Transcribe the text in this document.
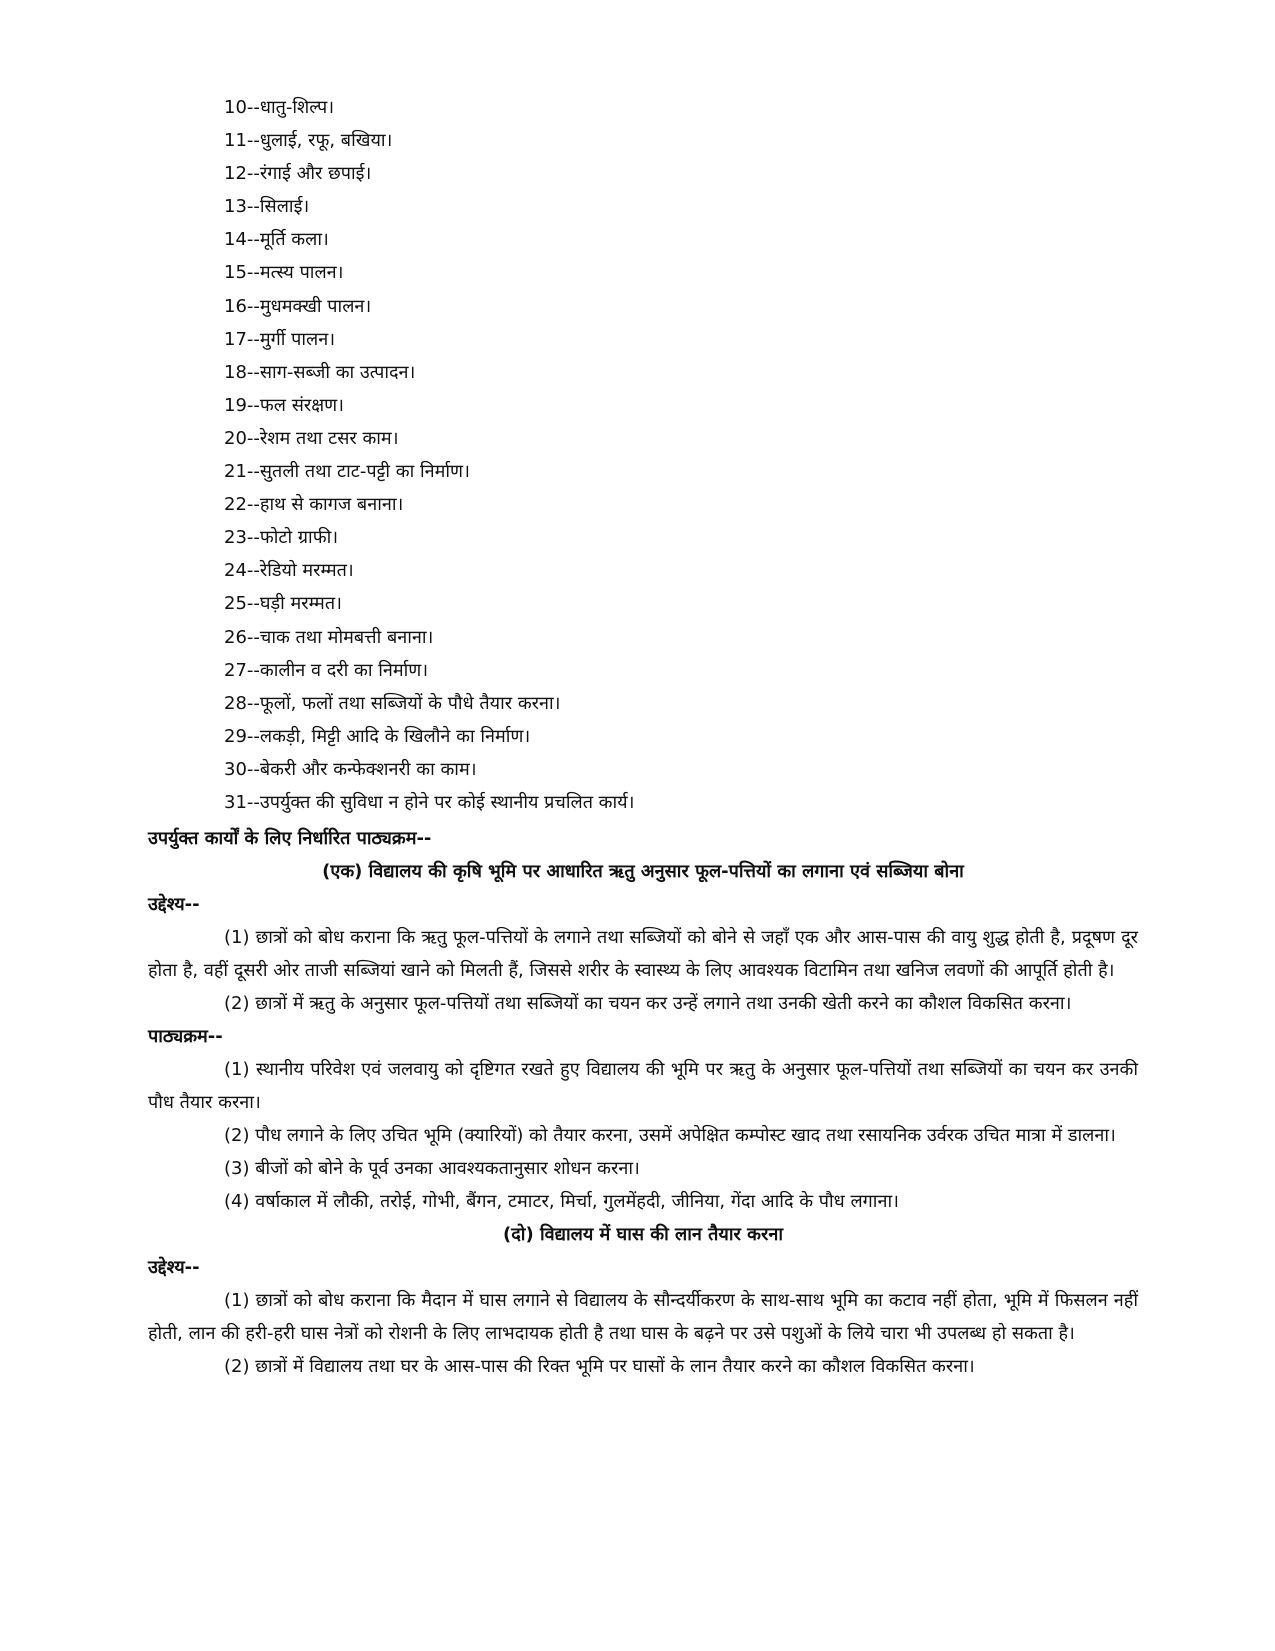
10--धातु-शिल्प।
11--धुलाई, रफू, बखिया।
12--रंगाई और छपाई।
13--सिलाई।
14--मूर्ति कला।
15--मत्स्य पालन।
16--मुधमक्खी पालन।
17--मुर्गी पालन।
18--साग-सब्जी का उत्पादन।
19--फल संरक्षण।
20--रेशम तथा टसर काम।
21--सुतली तथा टाट-पट्टी का निर्माण।
22--हाथ से कागज बनाना।
23--फोटो ग्राफी।
24--रेडियो मरम्मत।
25--घड़ी मरम्मत।
26--चाक तथा मोमबत्ती बनाना।
27--कालीन व दरी का निर्माण।
28--फूलों, फलों तथा सब्जियों के पौधे तैयार करना।
29--लकड़ी, मिट्टी आदि के खिलौने का निर्माण।
30--बेकरी और कन्फेक्शनरी का काम।
31--उपर्युक्त की सुविधा न होने पर कोई स्थानीय प्रचलित कार्य।

उपर्युक्त कार्यों के लिए निर्धारित पाठ्यक्रम--

(एक) विद्यालय की कृषि भूमि पर आधारित ऋतु अनुसार फूल-पत्तियों का लगाना एवं सब्जिया बोना

उद्देश्य--

(1) छात्रों को बोध कराना कि ऋतु फूल-पत्तियों के लगाने तथा सब्जियों को बोने से जहाँ एक और आस-पास की वायु शुद्ध होती है, प्रदूषण दूर होता है, वहीं दूसरी ओर ताजी सब्जियां खाने को मिलती हैं, जिससे शरीर के स्वास्थ्य के लिए आवश्यक विटामिन तथा खनिज लवणों की आपूर्ति होती है।

(2) छात्रों में ऋतु के अनुसार फूल-पत्तियों तथा सब्जियों का चयन कर उन्हें लगाने तथा उनकी खेती करने का कौशल विकसित करना।

पाठ्यक्रम--

(1) स्थानीय परिवेश एवं जलवायु को दृष्टिगत रखते हुए विद्यालय की भूमि पर ऋतु के अनुसार फूल-पत्तियों तथा सब्जियों का चयन कर उनकी पौध तैयार करना।

(2) पौध लगाने के लिए उचित भूमि (क्यारियों) को तैयार करना, उसमें अपेक्षित कम्पोस्ट खाद तथा रसायनिक उर्वरक उचित मात्रा में डालना।

(3) बीजों को बोने के पूर्व उनका आवश्यकतानुसार शोधन करना।

(4) वर्षाकाल में लौकी, तरोई, गोभी, बैंगन, टमाटर, मिर्चा, गुलमेंहदी, जीनिया, गेंदा आदि के पौध लगाना।

(दो) विद्यालय में घास की लान तैयार करना

उद्देश्य--

(1) छात्रों को बोध कराना कि मैदान में घास लगाने से विद्यालय के सौन्दर्यीकरण के साथ-साथ भूमि का कटाव नहीं होता, भूमि में फिसलन नहीं होती, लान की हरी-हरी घास नेत्रों को रोशनी के लिए लाभदायक होती है तथा घास के बढ़ने पर उसे पशुओं के लिये चारा भी उपलब्ध हो सकता है।

(2) छात्रों में विद्यालय तथा घर के आस-पास की रिक्त भूमि पर घासों के लान तैयार करने का कौशल विकसित करना।
